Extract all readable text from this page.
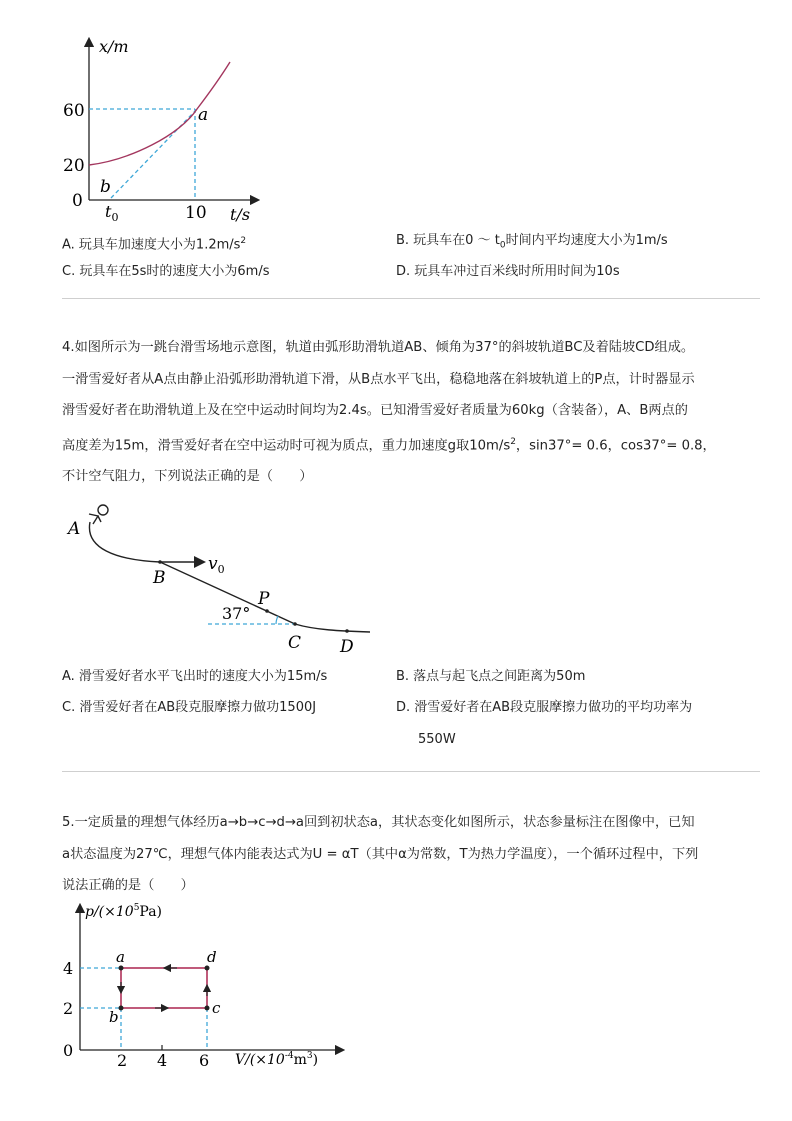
x/m
t/s
60
20
0
$t_0$	10
a
b
A. 玩具车加速度大小为$1.2m/s^2$	B. 玩具车在0 ～ $t_0$时间内平均速度大小为1m/s
C. 玩具车在5s时的速度大小为6m/s	D. 玩具车冲过百米线时所用时间为10s

4.如图所示为一跳台滑雪场地示意图，轨道由弧形助滑轨道AB、倾角为37°的斜坡轨道BC及着陆坡CD组成。

一滑雪爱好者从A点由静止沿弧形助滑轨道下滑，从B点水平飞出，稳稳地落在斜坡轨道上的P点，计时器显示

滑雪爱好者在助滑轨道上及在空中运动时间均为2.4s。已知滑雪爱好者质量为60kg（含装备），A、B两点的

高度差为15m，滑雪爱好者在空中运动时可视为质点，重力加速度g取$10m/s^2$，sin37°= 0.6，cos37°= 0.8，

不计空气阻力，下列说法正确的是（　　）

A
B
$v_0$
P
37°
C D
A. 滑雪爱好者水平飞出时的速度大小为15m/s	B. 落点与起飞点之间距离为50m
C. 滑雪爱好者在AB段克服摩擦力做功1500J	D. 滑雪爱好者在AB段克服摩擦力做功的平均功率为
550W

5.一定质量的理想气体经历a→b→c→d→a回到初状态a，其状态变化如图所示，状态参量标注在图像中，已知

a状态温度为27℃，理想气体内能表达式为U = αT（其中α为常数，T为热力学温度），一个循环过程中，下列

说法正确的是（　　）

$p/(\times 10^5Pa)$
$V/(\times 10^{-4}m^3)$
4
2
0
2 4 6
a
b	c
d
